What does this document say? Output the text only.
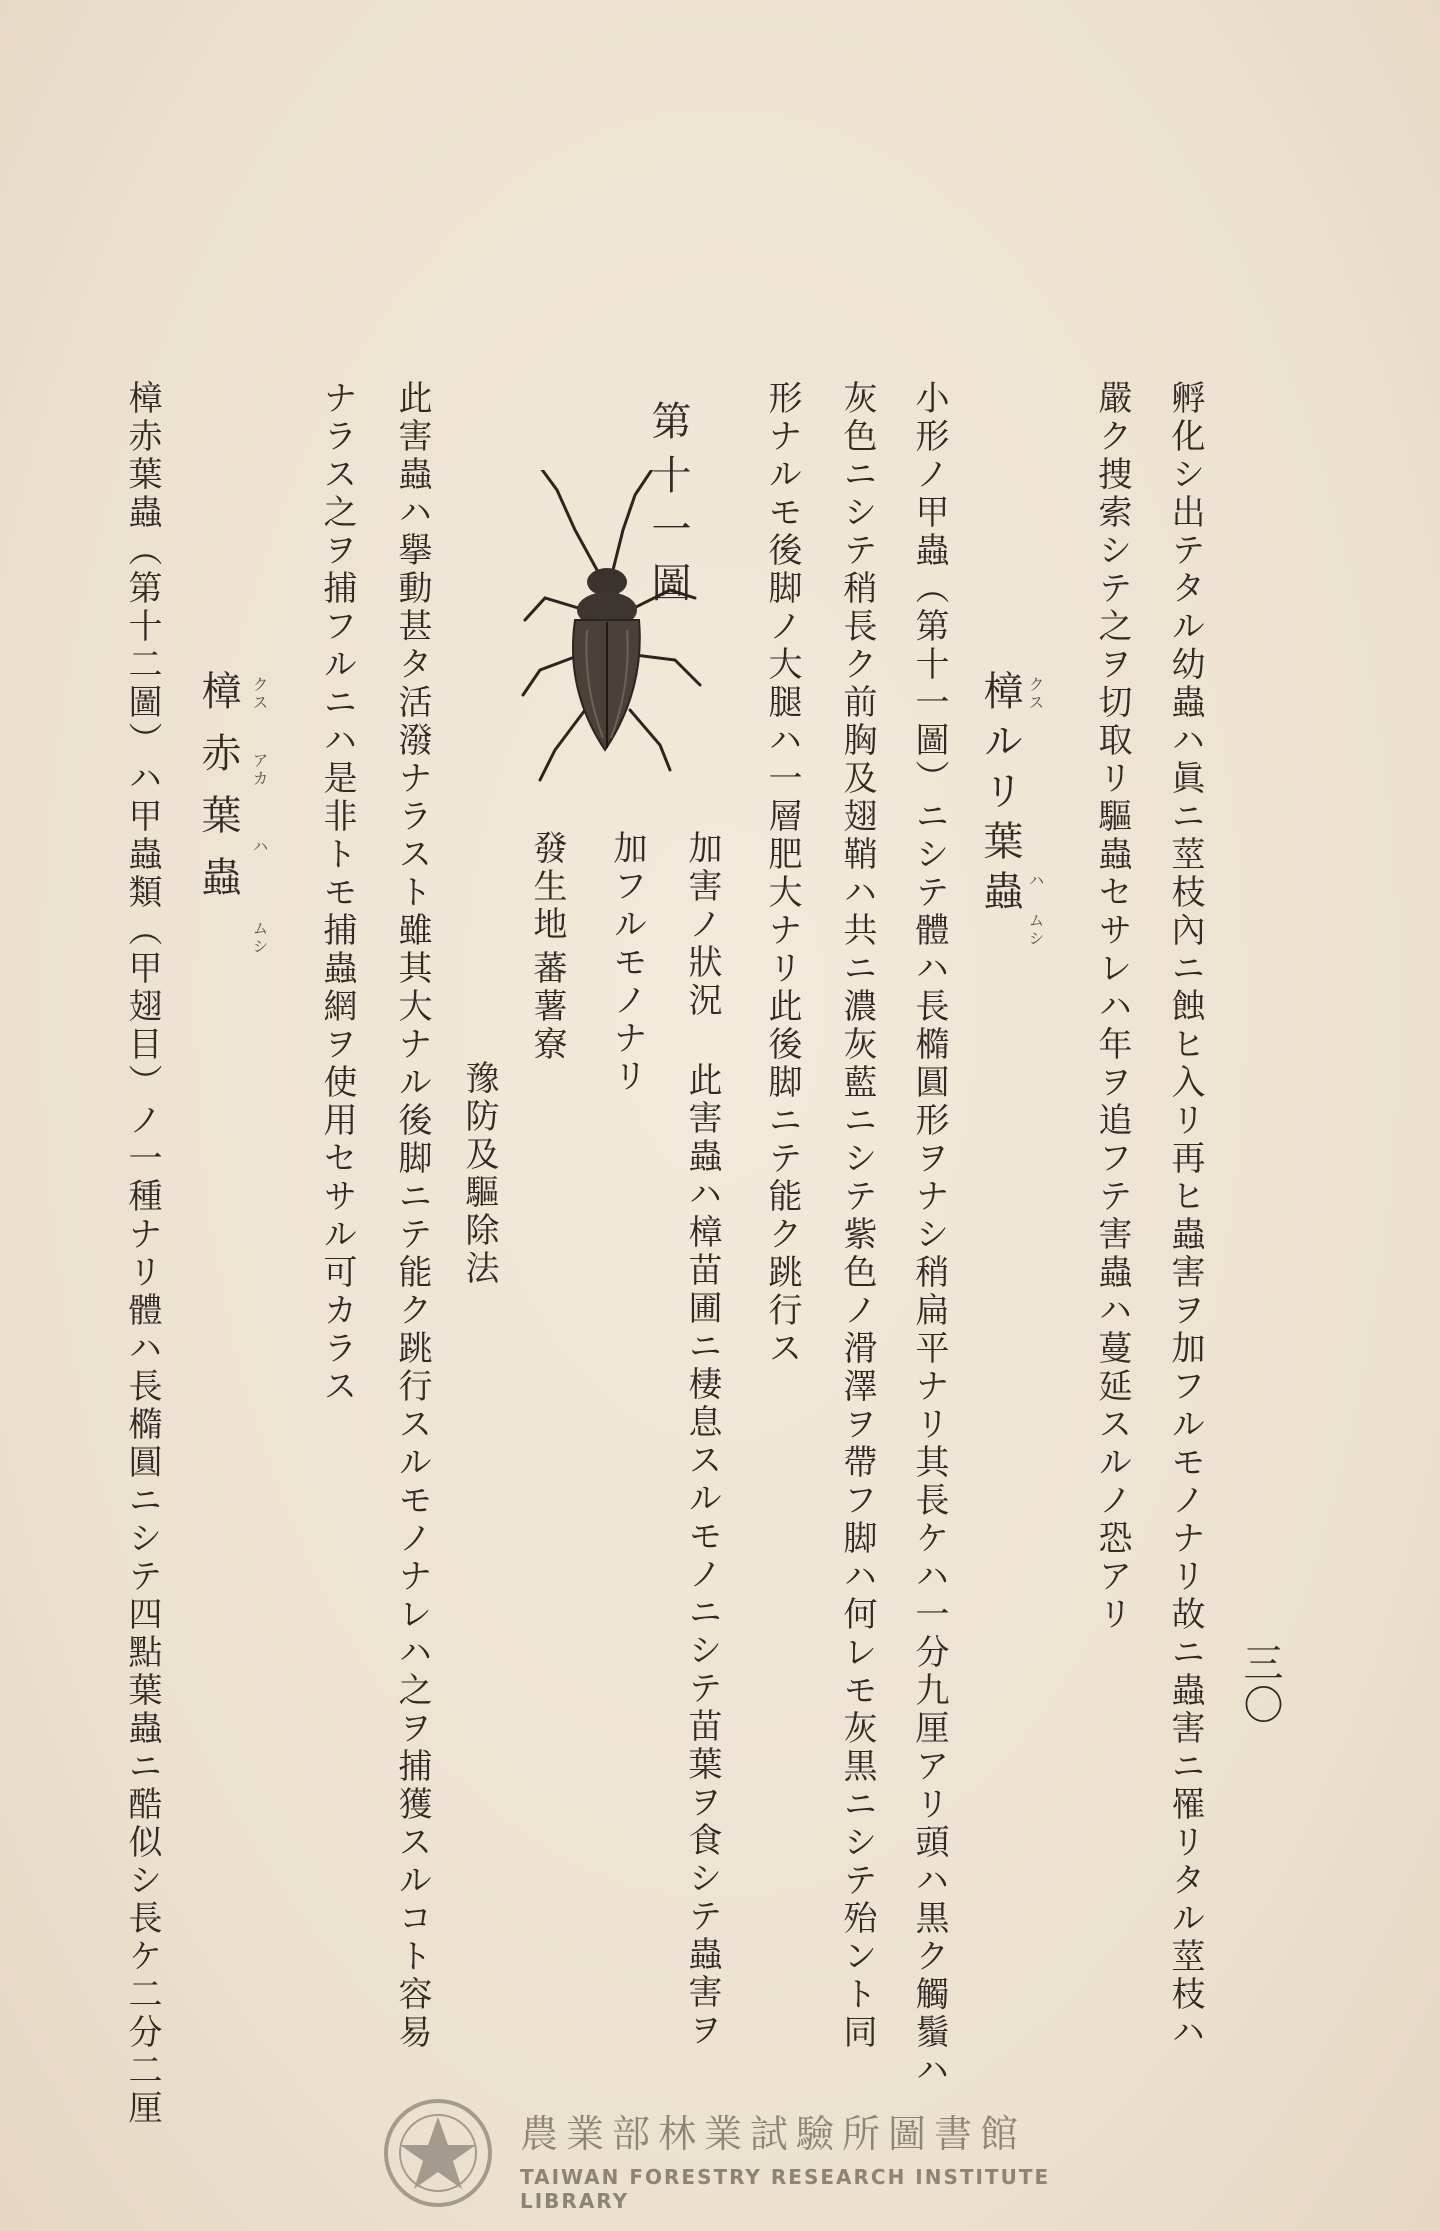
三〇
孵化シ出テタル幼蟲ハ眞ニ莖枝內ニ蝕ヒ入リ再ヒ蟲害ヲ加フルモノナリ故ニ蟲害ニ罹リタル莖枝ハ
嚴ク捜索シテ之ヲ切取リ驅蟲セサレハ年ヲ追フテ害蟲ハ蔓延スルノ恐アリ
樟ルリ葉蟲 クス
ハ
ムシ
小形ノ甲蟲（第十一圖）ニシテ體ハ長橢圓形ヲナシ稍扁平ナリ其長ケハ一分九厘アリ頭ハ黒ク觸鬚ハ
灰色ニシテ稍長ク前胸及翅鞘ハ共ニ濃灰藍ニシテ紫色ノ滑澤ヲ帶フ脚ハ何レモ灰黒ニシテ殆ント同
形ナルモ後脚ノ大腿ハ一層肥大ナリ此後脚ニテ能ク跳行ス
加害ノ狀況
此害蟲ハ樟苗圃ニ棲息スルモノニシテ苗葉ヲ食シテ蟲害ヲ
加フルモノナリ
發生地
蕃薯寮
豫防及驅除法
第十一圖
此害蟲ハ擧動甚タ活潑ナラスト雖其大ナル後脚ニテ能ク跳行スルモノナレハ之ヲ捕獲スルコト容易
ナラス之ヲ捕フルニハ是非トモ捕蟲網ヲ使用セサル可カラス
樟赤葉蟲 クス
アカ
ハ
ムシ
樟赤葉蟲（第十二圖）ハ甲蟲類（甲翅目）ノ一種ナリ體ハ長橢圓ニシテ四點葉蟲ニ酷似シ長ケ二分二厘
農業部林業試驗所圖書館
TAIWAN FORESTRY RESEARCH INSTITUTE LIBRARY
